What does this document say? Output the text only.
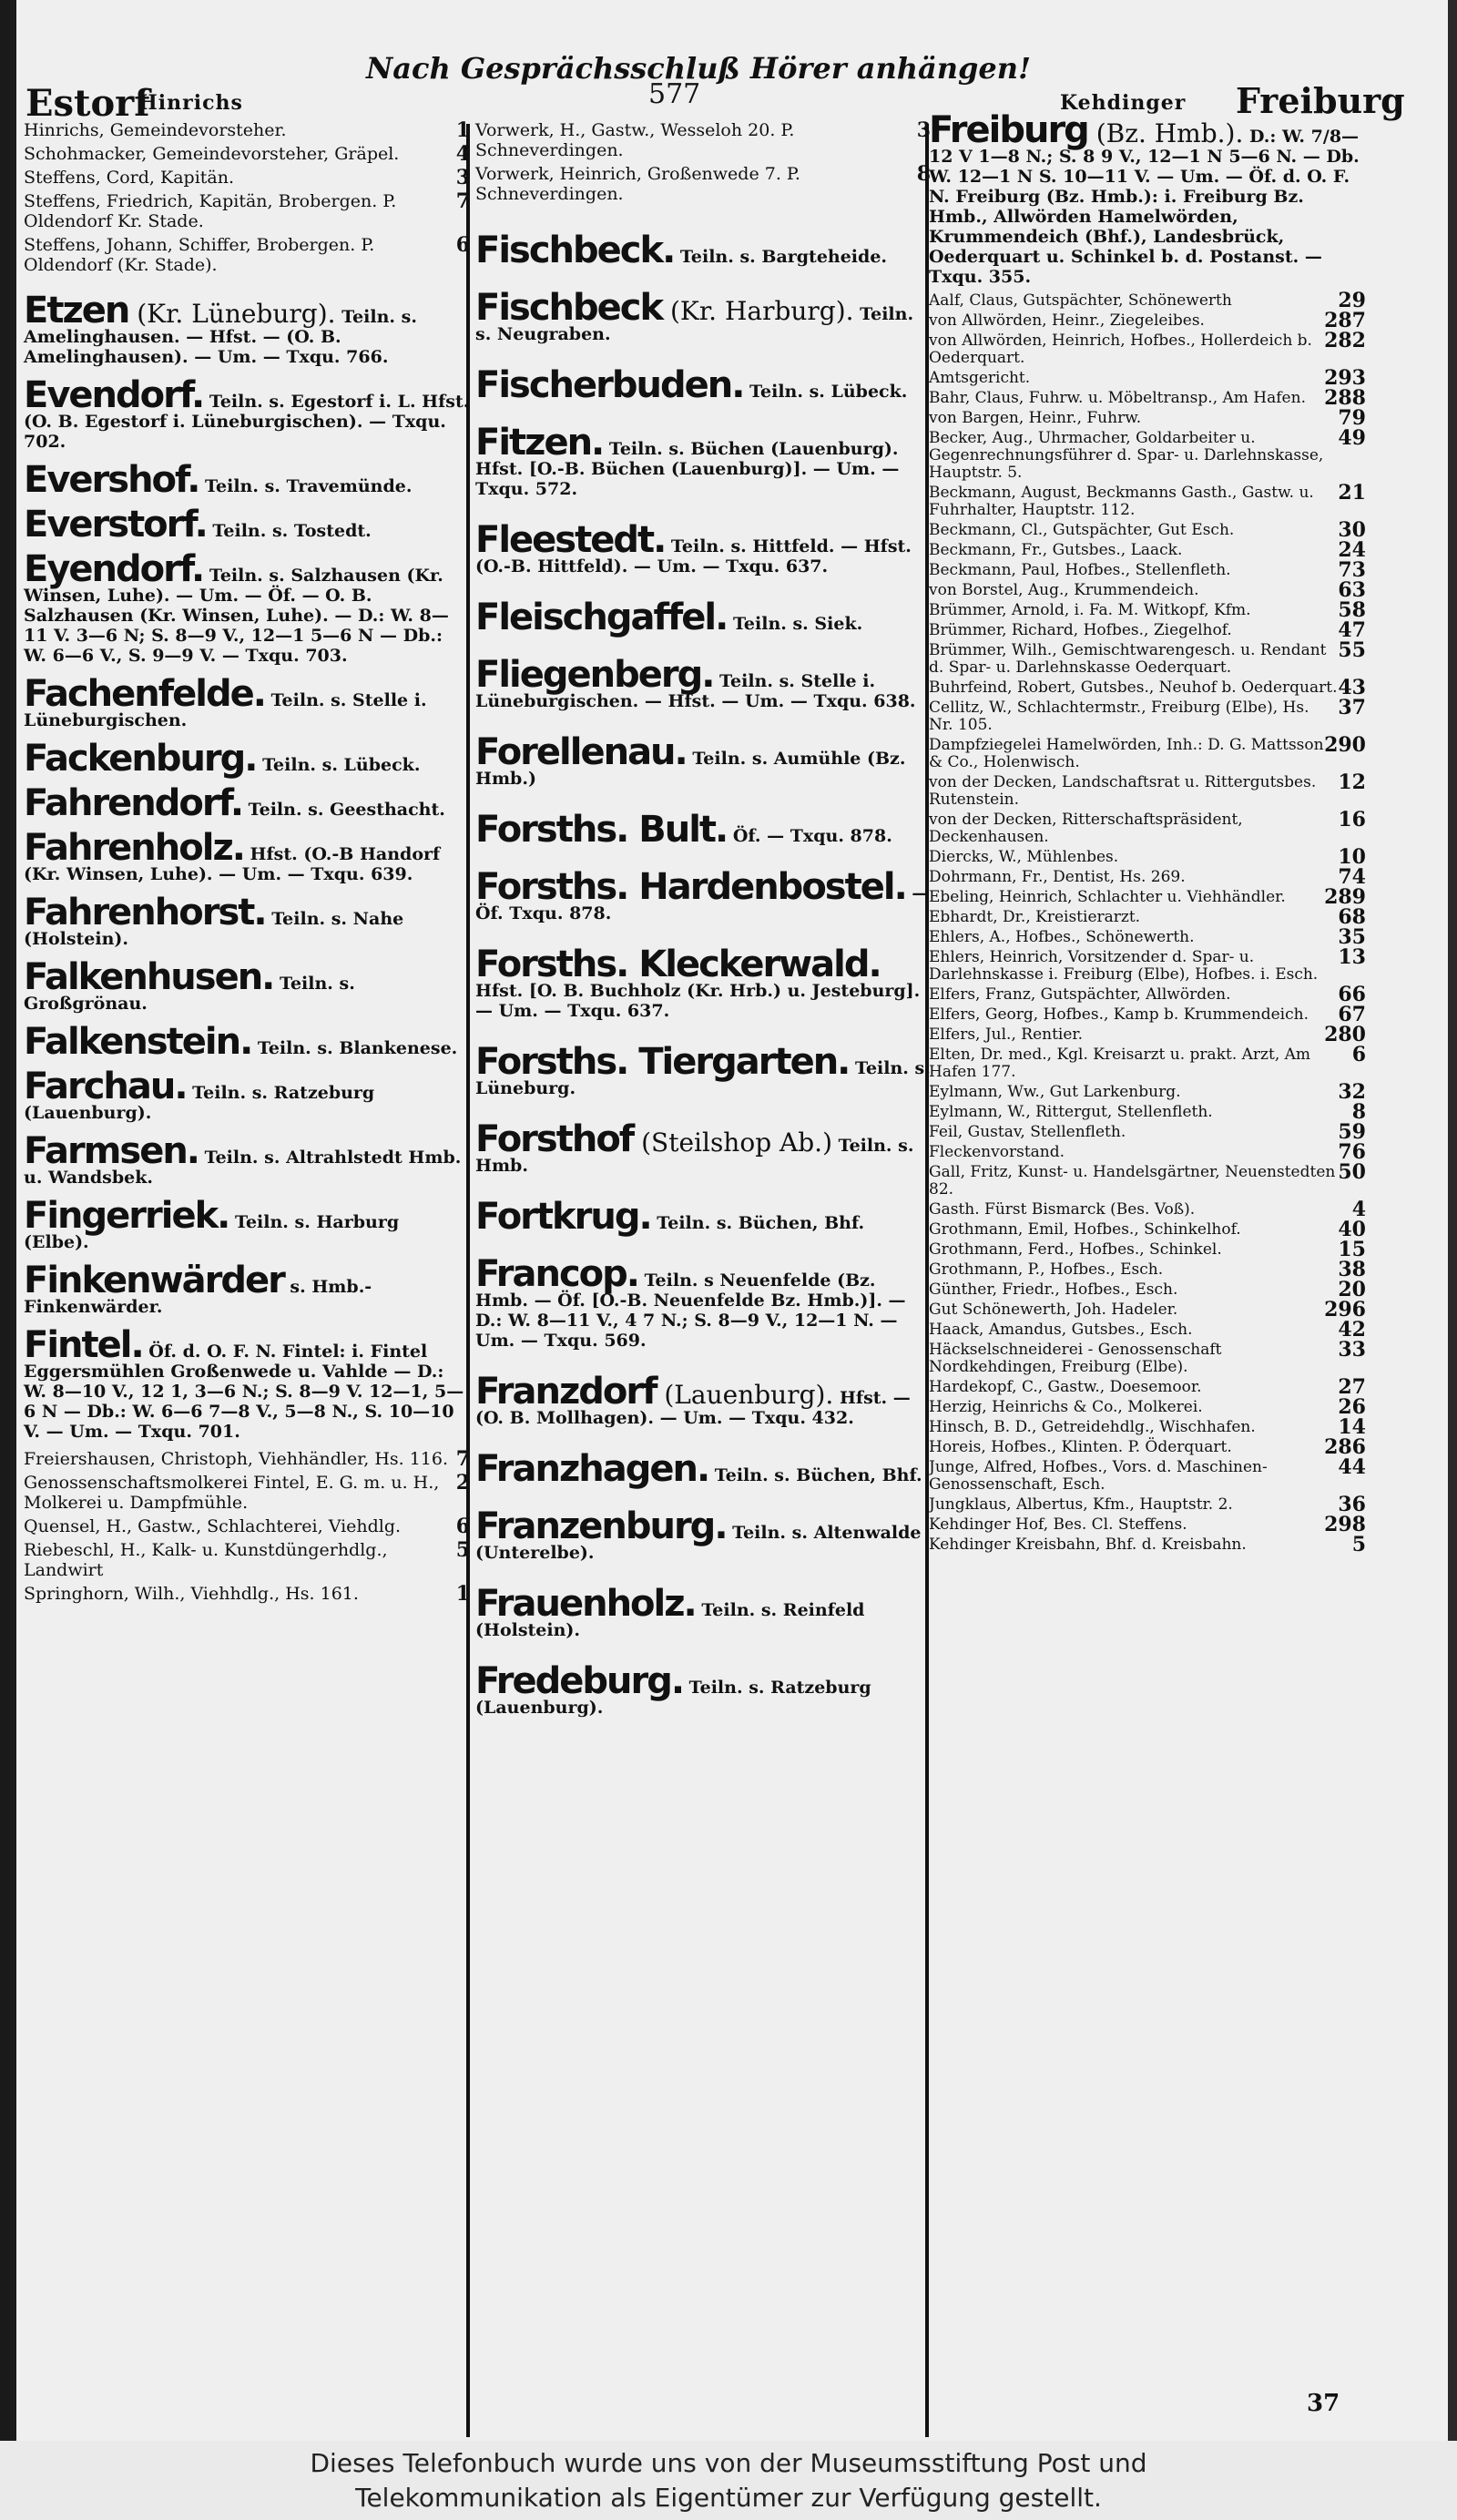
Estorf
Hinrichs
Nach Gesprächsschluß Hörer anhängen!
577	Kehdinger Freiburg
1
Hinrichs, Gemeindevorsteher.
4
Schohmacker, Gemeindevorsteher, Gräpel.
3
Steffens, Cord, Kapitän.
7
Steffens, Friedrich, Kapitän, Brobergen. P. Oldendorf Kr. Stade.
6
Steffens, Johann, Schiffer, Brobergen. P. Oldendorf (Kr. Stade).
Etzen (Kr. Lüneburg). Teiln. s. Amelinghausen. — Hfst. — (O. B. Amelinghausen). — Um. — Txqu. 766.
Evendorf. Teiln. s. Egestorf i. L. Hfst. (O. B. Egestorf i. Lüneburgischen). — Txqu. 702.
Evershof. Teiln. s. Travemünde.
Everstorf. Teiln. s. Tostedt.
Eyendorf. Teiln. s. Salzhausen (Kr. Winsen, Luhe). — Um. — Öf. — O. B. Salzhausen (Kr. Winsen, Luhe). — D.: W. 8—11 V. 3—6 N; S. 8—9 V., 12—1 5—6 N — Db.: W. 6—6 V., S. 9—9 V. — Txqu. 703.
Fachenfelde. Teiln. s. Stelle i. Lüneburgischen.
Fackenburg. Teiln. s. Lübeck.
Fahrendorf. Teiln. s. Geesthacht.
Fahrenholz. Hfst. (O.-B Handorf (Kr. Winsen, Luhe). — Um. — Txqu. 639.
Fahrenhorst. Teiln. s. Nahe (Holstein).
Falkenhusen. Teiln. s. Großgrönau.
Falkenstein. Teiln. s. Blankenese.
Farchau. Teiln. s. Ratzeburg (Lauenburg).
Farmsen. Teiln. s. Altrahlstedt Hmb. u. Wandsbek.
Fingerriek. Teiln. s. Harburg (Elbe).
Finkenwärder s. Hmb.-Finkenwärder.
Fintel. Öf. d. O. F. N. Fintel: i. Fintel Eggersmühlen Großenwede u. Vahlde — D.: W. 8—10 V., 12 1, 3—6 N.; S. 8—9 V. 12—1, 5—6 N — Db.: W. 6—6 7—8 V., 5—8 N., S. 10—10 V. — Um. — Txqu. 701.
7
Freiershausen, Christoph, Viehhändler, Hs. 116.
2
Genossenschaftsmolkerei Fintel, E. G. m. u. H., Molkerei u. Dampfmühle.
6
Quensel, H., Gastw., Schlachterei, Viehdlg.
5
Riebeschl, H., Kalk- u. Kunstdüngerhdlg., Landwirt
1
Springhorn, Wilh., Viehhdlg., Hs. 161.
3
Vorwerk, H., Gastw., Wesseloh 20. P. Schneverdingen.
8
Vorwerk, Heinrich, Großenwede 7. P. Schneverdingen.
Fischbeck. Teiln. s. Bargteheide.
Fischbeck (Kr. Harburg). Teiln. s. Neugraben.
Fischerbuden. Teiln. s. Lübeck.
Fitzen. Teiln. s. Büchen (Lauenburg). Hfst. [O.-B. Büchen (Lauenburg)]. — Um. — Txqu. 572.
Fleestedt. Teiln. s. Hittfeld. — Hfst. (O.-B. Hittfeld). — Um. — Txqu. 637.
Fleischgaffel. Teiln. s. Siek.
Fliegenberg. Teiln. s. Stelle i. Lüneburgischen. — Hfst. — Um. — Txqu. 638.
Forellenau. Teiln. s. Aumühle (Bz. Hmb.)
Forsths. Bult. Öf. — Txqu. 878.
Forsths. Hardenbostel. — Öf. Txqu. 878.
Forsths. Kleckerwald. Hfst. [O. B. Buchholz (Kr. Hrb.) u. Jesteburg]. — Um. — Txqu. 637.
Forsths. Tiergarten. Teiln. s. Lüneburg.
Forsthof (Steilshop Ab.) Teiln. s. Hmb.
Fortkrug. Teiln. s. Büchen, Bhf.
Francop. Teiln. s Neuenfelde (Bz. Hmb. — Öf. [O.-B. Neuenfelde Bz. Hmb.)]. — D.: W. 8—11 V., 4 7 N.; S. 8—9 V., 12—1 N. — Um. — Txqu. 569.
Franzdorf (Lauenburg). Hfst. — (O. B. Mollhagen). — Um. — Txqu. 432.
Franzhagen. Teiln. s. Büchen, Bhf.
Franzenburg. Teiln. s. Altenwalde (Unterelbe).
Frauenholz. Teiln. s. Reinfeld (Holstein).
Fredeburg. Teiln. s. Ratzeburg (Lauenburg).
Freiburg (Bz. Hmb.). D.: W. 7/8—12 V 1—8 N.; S. 8 9 V., 12—1 N 5—6 N. — Db. W. 12—1 N S. 10—11 V. — Um. — Öf. d. O. F. N. Freiburg (Bz. Hmb.): i. Freiburg Bz. Hmb., Allwörden Hamelwörden, Krummendeich (Bhf.), Landesbrück, Oederquart u. Schinkel b. d. Postanst. — Txqu. 355.
29
Aalf, Claus, Gutspächter, Schönewerth
287
von Allwörden, Heinr., Ziegeleibes.
282
von Allwörden, Heinrich, Hofbes., Hollerdeich b. Oederquart.
293
Amtsgericht.
288
Bahr, Claus, Fuhrw. u. Möbeltransp., Am Hafen.
79
von Bargen, Heinr., Fuhrw.
49
Becker, Aug., Uhrmacher, Goldarbeiter u. Gegenrechnungsführer d. Spar- u. Darlehnskasse, Hauptstr. 5.
21
Beckmann, August, Beckmanns Gasth., Gastw. u. Fuhrhalter, Hauptstr. 112.
30
Beckmann, Cl., Gutspächter, Gut Esch.
24
Beckmann, Fr., Gutsbes., Laack.
73
Beckmann, Paul, Hofbes., Stellenfleth.
63
von Borstel, Aug., Krummendeich.
58
Brümmer, Arnold, i. Fa. M. Witkopf, Kfm.
47
Brümmer, Richard, Hofbes., Ziegelhof.
55
Brümmer, Wilh., Gemischtwarengesch. u. Rendant d. Spar- u. Darlehnskasse Oederquart.
43
Buhrfeind, Robert, Gutsbes., Neuhof b. Oederquart.
37
Cellitz, W., Schlachtermstr., Freiburg (Elbe), Hs. Nr. 105.
290
Dampfziegelei Hamelwörden, Inh.: D. G. Mattsson & Co., Holenwisch.
12
von der Decken, Landschaftsrat u. Rittergutsbes. Rutenstein.
16
von der Decken, Ritterschaftspräsident, Deckenhausen.
10
Diercks, W., Mühlenbes.
74
Dohrmann, Fr., Dentist, Hs. 269.
289
Ebeling, Heinrich, Schlachter u. Viehhändler.
68
Ebhardt, Dr., Kreistierarzt.
35
Ehlers, A., Hofbes., Schönewerth.
13
Ehlers, Heinrich, Vorsitzender d. Spar- u. Darlehnskasse i. Freiburg (Elbe), Hofbes. i. Esch.
66
Elfers, Franz, Gutspächter, Allwörden.
67
Elfers, Georg, Hofbes., Kamp b. Krummendeich.
280
Elfers, Jul., Rentier.
6
Elten, Dr. med., Kgl. Kreisarzt u. prakt. Arzt, Am Hafen 177.
32
Eylmann, Ww., Gut Larkenburg.
8
Eylmann, W., Rittergut, Stellenfleth.
59
Feil, Gustav, Stellenfleth.
76
Fleckenvorstand.
50
Gall, Fritz, Kunst- u. Handelsgärtner, Neuenstedten 82.
4
Gasth. Fürst Bismarck (Bes. Voß).
40
Grothmann, Emil, Hofbes., Schinkelhof.
15
Grothmann, Ferd., Hofbes., Schinkel.
38
Grothmann, P., Hofbes., Esch.
20
Günther, Friedr., Hofbes., Esch.
296
Gut Schönewerth, Joh. Hadeler.
42
Haack, Amandus, Gutsbes., Esch.
33
Häckselschneiderei - Genossenschaft Nordkehdingen, Freiburg (Elbe).
27
Hardekopf, C., Gastw., Doesemoor.
26
Herzig, Heinrichs & Co., Molkerei.
14
Hinsch, B. D., Getreidehdlg., Wischhafen.
286
Horeis, Hofbes., Klinten. P. Öderquart.
44
Junge, Alfred, Hofbes., Vors. d. Maschinen-Genossenschaft, Esch.
36
Jungklaus, Albertus, Kfm., Hauptstr. 2.
298
Kehdinger Hof, Bes. Cl. Steffens.
5
Kehdinger Kreisbahn, Bhf. d. Kreisbahn.
37
Dieses Telefonbuch wurde uns von der Museumsstiftung Post und
Telekommunikation als Eigentümer zur Verfügung gestellt.
